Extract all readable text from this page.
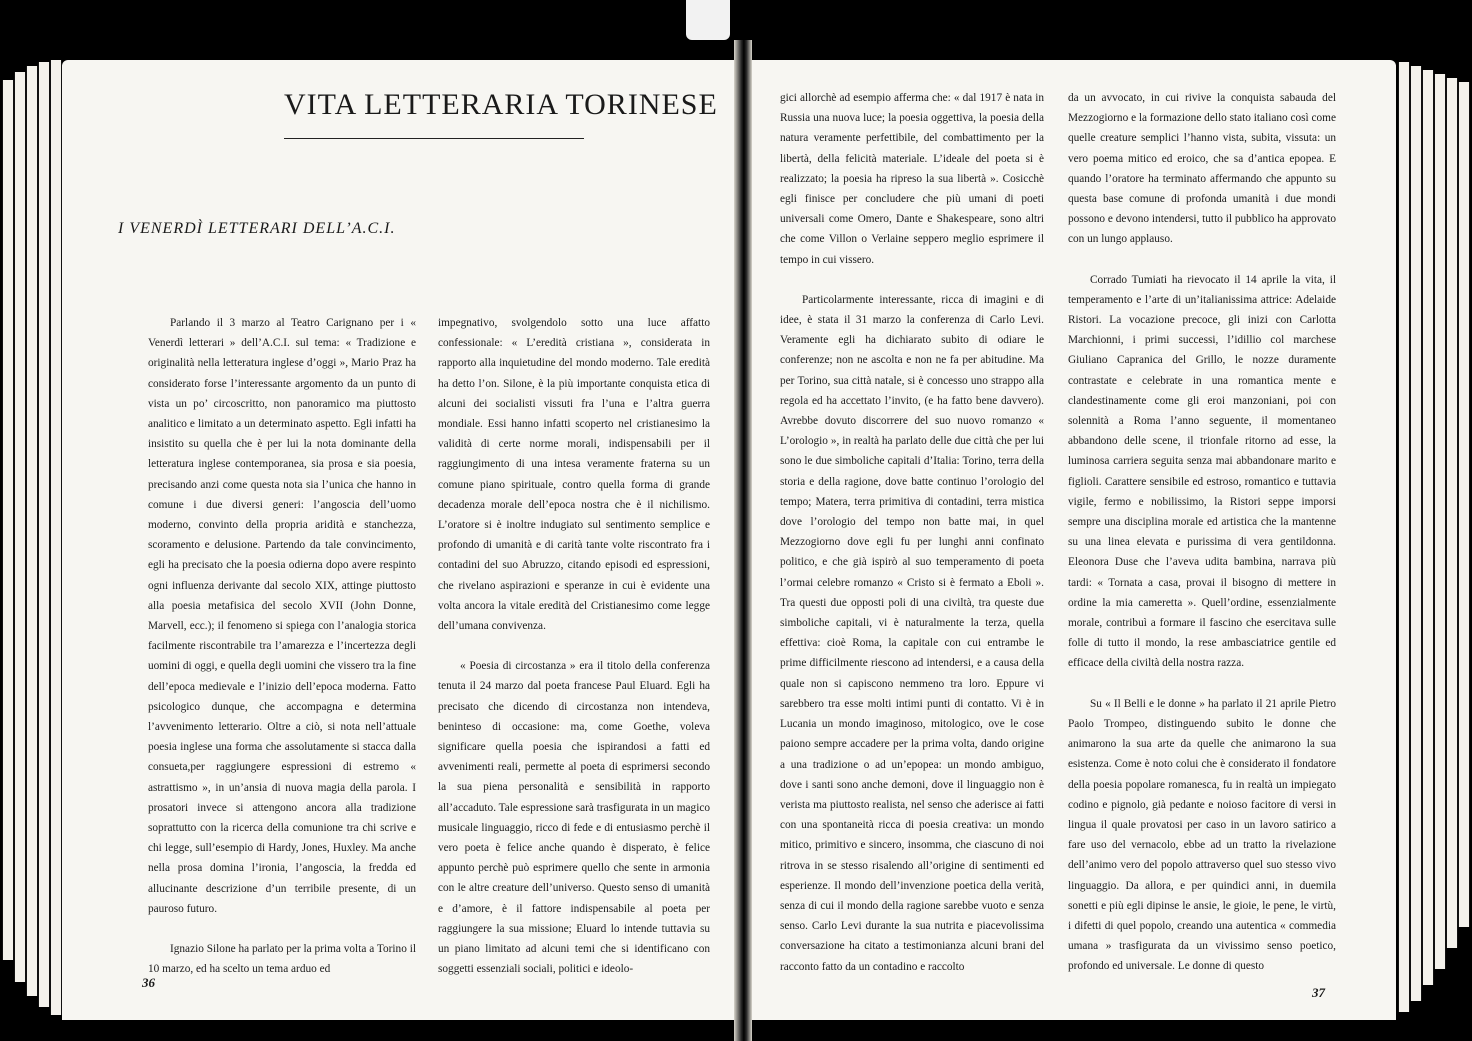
VITA LETTERARIA TORINESE
I VENERDÌ LETTERARI DELL’A.C.I.

Parlando il 3 marzo al Teatro Carignano per i « Venerdì letterari » dell’A.C.I. sul tema: « Tradizione e originalità nella letteratura inglese d’oggi », Mario Praz ha considerato forse l’interessante argomento da un punto di vista un po’ circoscritto, non panoramico ma piuttosto analitico e limitato a un determinato aspetto. Egli infatti ha insistito su quella che è per lui la nota dominante della letteratura inglese contemporanea, sia prosa e sia poesia, precisando anzi come questa nota sia l’unica che hanno in comune i due diversi generi: l’angoscia dell’uomo moderno, convinto della propria aridità e stanchezza, scoramento e delusione. Partendo da tale convincimento, egli ha precisato che la poesia odierna dopo avere respinto ogni influenza derivante dal secolo XIX, attinge piuttosto alla poesia metafisica del secolo XVII (John Donne, Marvell, ecc.); il fenomeno si spiega con l’analogia storica facilmente riscontrabile tra l’amarezza e l’incertezza degli uomini di oggi, e quella degli uomini che vissero tra la fine dell’epoca medievale e l’inizio dell’epoca moderna. Fatto psicologico dunque, che accompagna e determina l’avvenimento letterario. Oltre a ciò, si nota nell’attuale poesia inglese una forma che assolutamente si stacca dalla consueta,per raggiungere espressioni di estremo « astrattismo », in un’ansia di nuova magia della parola. I prosatori invece si attengono ancora alla tradizione soprattutto con la ricerca della comunione tra chi scrive e chi legge, sull’esempio di Hardy, Jones, Huxley. Ma anche nella prosa domina l’ironia, l’angoscia, la fredda ed allucinante descrizione d’un terribile presente, di un pauroso futuro.

Ignazio Silone ha parlato per la prima volta a Torino il 10 marzo, ed ha scelto un tema arduo ed

impegnativo, svolgendolo sotto una luce affatto confessionale: « L’eredità cristiana », considerata in rapporto alla inquietudine del mondo moderno. Tale eredità ha detto l’on. Silone, è la più importante conquista etica di alcuni dei socialisti vissuti fra l’una e l’altra guerra mondiale. Essi hanno infatti scoperto nel cristianesimo la validità di certe norme morali, indispensabili per il raggiungimento di una intesa veramente fraterna su un comune piano spirituale, contro quella forma di grande decadenza morale dell’epoca nostra che è il nichilismo. L’oratore si è inoltre indugiato sul sentimento semplice e profondo di umanità e di carità tante volte riscontrato fra i contadini del suo Abruzzo, citando episodi ed espressioni, che rivelano aspirazioni e speranze in cui è evidente una volta ancora la vitale eredità del Cristianesimo come legge dell’umana convivenza.

« Poesia di circostanza » era il titolo della conferenza tenuta il 24 marzo dal poeta francese Paul Eluard. Egli ha precisato che dicendo di circostanza non intendeva, beninteso di occasione: ma, come Goethe, voleva significare quella poesia che ispirandosi a fatti ed avvenimenti reali, permette al poeta di esprimersi secondo la sua piena personalità e sensibilità in rapporto all’accaduto. Tale espressione sarà trasfigurata in un magico musicale linguaggio, ricco di fede e di entusiasmo perchè il vero poeta è felice anche quando è disperato, è felice appunto perchè può esprimere quello che sente in armonia con le altre creature dell’universo. Questo senso di umanità e d’amore, è il fattore indispensabile al poeta per raggiungere la sua missione; Eluard lo intende tuttavia su un piano limitato ad alcuni temi che si identificano con soggetti essenziali sociali, politici e ideolo-

36

gici allorchè ad esempio afferma che: « dal 1917 è nata in Russia una nuova luce; la poesia oggettiva, la poesia della natura veramente perfettibile, del combattimento per la libertà, della felicità materiale. L’ideale del poeta si è realizzato; la poesia ha ripreso la sua libertà ». Cosicchè egli finisce per concludere che più umani di poeti universali come Omero, Dante e Shakespeare, sono altri che come Villon o Verlaine seppero meglio esprimere il tempo in cui vissero.

Particolarmente interessante, ricca di imagini e di idee, è stata il 31 marzo la conferenza di Carlo Levi. Veramente egli ha dichiarato subito di odiare le conferenze; non ne ascolta e non ne fa per abitudine. Ma per Torino, sua città natale, si è concesso uno strappo alla regola ed ha accettato l’invito, (e ha fatto bene davvero). Avrebbe dovuto discorrere del suo nuovo romanzo « L’orologio », in realtà ha parlato delle due città che per lui sono le due simboliche capitali d’Italia: Torino, terra della storia e della ragione, dove batte continuo l’orologio del tempo; Matera, terra primitiva di contadini, terra mistica dove l’orologio del tempo non batte mai, in quel Mezzogiorno dove egli fu per lunghi anni confinato politico, e che già ispirò al suo temperamento di poeta l’ormai celebre romanzo « Cristo si è fermato a Eboli ». Tra questi due opposti poli di una civiltà, tra queste due simboliche capitali, vi è naturalmente la terza, quella effettiva: cioè Roma, la capitale con cui entrambe le prime difficilmente riescono ad intendersi, e a causa della quale non si capiscono nemmeno tra loro. Eppure vi sarebbero tra esse molti intimi punti di contatto. Vi è in Lucania un mondo imaginoso, mitologico, ove le cose paiono sempre accadere per la prima volta, dando origine a una tradizione o ad un’epopea: un mondo ambiguo, dove i santi sono anche demoni, dove il linguaggio non è verista ma piuttosto realista, nel senso che aderisce ai fatti con una spontaneità ricca di poesia creativa: un mondo mitico, primitivo e sincero, insomma, che ciascuno di noi ritrova in se stesso risalendo all’origine di sentimenti ed esperienze. Il mondo dell’invenzione poetica della verità, senza di cui il mondo della ragione sarebbe vuoto e senza senso. Carlo Levi durante la sua nutrita e piacevolissima conversazione ha citato a testimonianza alcuni brani del racconto fatto da un contadino e raccolto

da un avvocato, in cui rivive la conquista sabauda del Mezzogiorno e la formazione dello stato italiano così come quelle creature semplici l’hanno vista, subita, vissuta: un vero poema mitico ed eroico, che sa d’antica epopea. E quando l’oratore ha terminato affermando che appunto su questa base comune di profonda umanità i due mondi possono e devono intendersi, tutto il pubblico ha approvato con un lungo applauso.

Corrado Tumiati ha rievocato il 14 aprile la vita, il temperamento e l’arte di un’italianissima attrice: Adelaide Ristori. La vocazione precoce, gli inizi con Carlotta Marchionni, i primi successi, l’idillio col marchese Giuliano Capranica del Grillo, le nozze duramente contrastate e celebrate in una romantica mente e clandestinamente come gli eroi manzoniani, poi con solennità a Roma l’anno seguente, il momentaneo abbandono delle scene, il trionfale ritorno ad esse, la luminosa carriera seguita senza mai abbandonare marito e figlioli. Carattere sensibile ed estroso, romantico e tuttavia vigile, fermo e nobilissimo, la Ristori seppe imporsi sempre una disciplina morale ed artistica che la mantenne su una linea elevata e purissima di vera gentildonna. Eleonora Duse che l’aveva udita bambina, narrava più tardi: « Tornata a casa, provai il bisogno di mettere in ordine la mia cameretta ». Quell’ordine, essenzialmente morale, contribuì a formare il fascino che esercitava sulle folle di tutto il mondo, la rese ambasciatrice gentile ed efficace della civiltà della nostra razza.

Su « Il Belli e le donne » ha parlato il 21 aprile Pietro Paolo Trompeo, distinguendo subito le donne che animarono la sua arte da quelle che animarono la sua esistenza. Come è noto colui che è considerato il fondatore della poesia popolare romanesca, fu in realtà un impiegato codino e pignolo, già pedante e noioso facitore di versi in lingua il quale provatosi per caso in un lavoro satirico a fare uso del vernacolo, ebbe ad un tratto la rivelazione dell’animo vero del popolo attraverso quel suo stesso vivo linguaggio. Da allora, e per quindici anni, in duemila sonetti e più egli dipinse le ansie, le gioie, le pene, le virtù, i difetti di quel popolo, creando una autentica « commedia umana » trasfigurata da un vivissimo senso poetico, profondo ed universale. Le donne di questo

37
